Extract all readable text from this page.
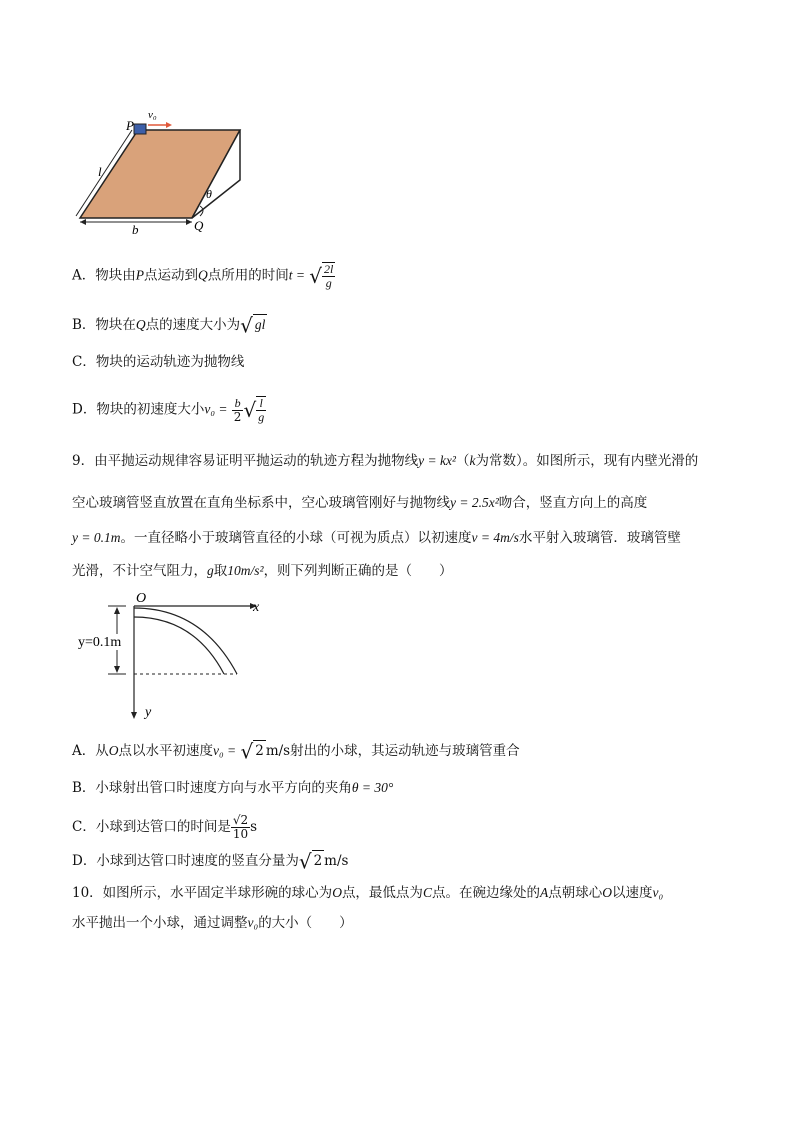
v₀
P
l
θ
b	Q
A．物块由P点运动到Q点所用的时间t = √ $\frac{2l}{g}$
B．物块在Q点的速度大小为√ gl
C．物块的运动轨迹为抛物线
D．物块的初速度大小$v_0 = \frac{b}{2}$ √ $\frac{l}{g}$
9．由平抛运动规律容易证明平抛运动的轨迹方程为抛物线y = kx²（k为常数）。如图所示，现有内壁光滑的
空心玻璃管竖直放置在直角坐标系中，空心玻璃管刚好与抛物线y = 2.5x²吻合，竖直方向上的高度
y = 0.1m。一直径略小于玻璃管直径的小球（可视为质点）以初速度v = 4m/s水平射入玻璃管．玻璃管壁
光滑，不计空气阻力，g取10m/s²，则下列判断正确的是（　　）
O
x
y
y=0.1m
A．从O点以水平初速度v₀ = √ 2 m/s射出的小球，其运动轨迹与玻璃管重合
B．小球射出管口时速度方向与水平方向的夹角θ = 30°
C．小球到达管口的时间是 $\frac{√2}{10}$ s
D．小球到达管口时速度的竖直分量为√ 2 m/s
10．如图所示，水平固定半球形碗的球心为O点，最低点为C点。在碗边缘处的A点朝球心O以速度v₀
水平抛出一个小球，通过调整v₀的大小（　　）
